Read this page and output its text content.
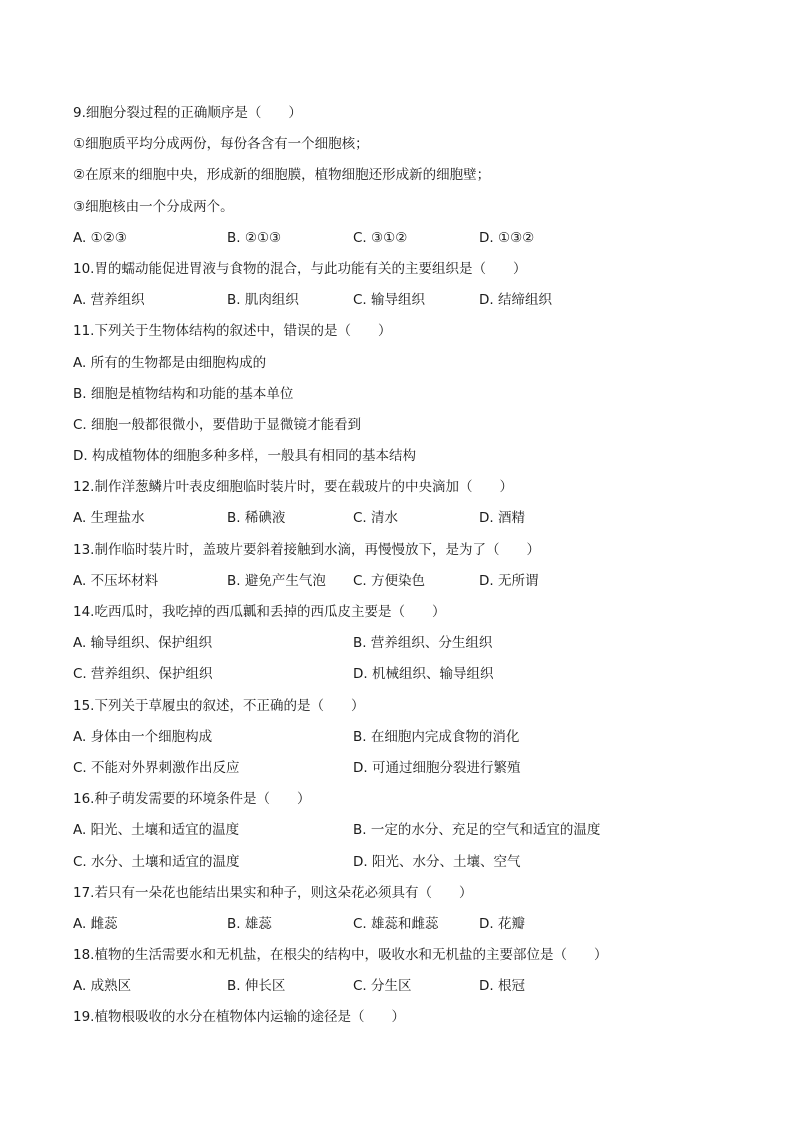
9.细胞分裂过程的正确顺序是（　　）
①细胞质平均分成两份，每份各含有一个细胞核；
②在原来的细胞中央，形成新的细胞膜，植物细胞还形成新的细胞壁；
③细胞核由一个分成两个。
A. ①②③	B. ②①③	C. ③①②	D. ①③②
10.胃的蠕动能促进胃液与食物的混合，与此功能有关的主要组织是（　　）
A. 营养组织	B. 肌肉组织	C. 输导组织	D. 结缔组织
11.下列关于生物体结构的叙述中，错误的是（　　）
A. 所有的生物都是由细胞构成的
B. 细胞是植物结构和功能的基本单位
C. 细胞一般都很微小，要借助于显微镜才能看到
D. 构成植物体的细胞多种多样，一般具有相同的基本结构
12.制作洋葱鳞片叶表皮细胞临时装片时，要在载玻片的中央滴加（　　）
A. 生理盐水	B. 稀碘液	C. 清水	D. 酒精
13.制作临时装片时，盖玻片要斜着接触到水滴，再慢慢放下，是为了（　　）
A. 不压坏材料	B. 避免产生气泡 C. 方便染色	D. 无所谓
14.吃西瓜时，我吃掉的西瓜瓤和丢掉的西瓜皮主要是（　　）
A. 输导组织、保护组织	B. 营养组织、分生组织
C. 营养组织、保护组织	D. 机械组织、输导组织
15.下列关于草履虫的叙述，不正确的是（　　）
A. 身体由一个细胞构成	B. 在细胞内完成食物的消化
C. 不能对外界刺激作出反应	D. 可通过细胞分裂进行繁殖
16.种子萌发需要的环境条件是（　　）
A. 阳光、土壤和适宜的温度	B. 一定的水分、充足的空气和适宜的温度
C. 水分、土壤和适宜的温度	D. 阳光、水分、土壤、空气
17.若只有一朵花也能结出果实和种子，则这朵花必须具有（　　）
A. 雌蕊	B. 雄蕊	C. 雄蕊和雌蕊	D. 花瓣
18.植物的生活需要水和无机盐，在根尖的结构中，吸收水和无机盐的主要部位是（　　）
A. 成熟区	B. 伸长区	C. 分生区	D. 根冠
19.植物根吸收的水分在植物体内运输的途径是（　　）
